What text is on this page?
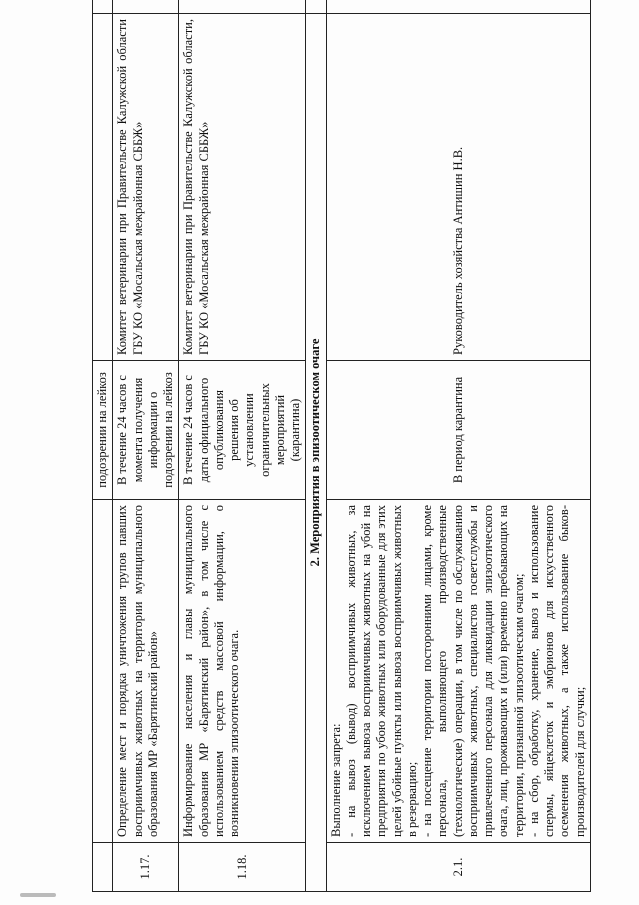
		подозрении на лейкоз		
1.17.	Определение мест и порядка уничтожения трупов павших восприимчивых животных на территории муниципального образования МР «Барятинский район»	В течение 24 часов с момента получения информации о подозрении на лейкоз	Комитет ветеринарии при Правительстве Калужской области ГБУ КО «Мосальская межрайонная СББЖ»	
1.18.	Информирование населения и главы муниципального образования МР «Барятинский район», в том числе с использованием средств массовой информации, о возникновении эпизоотического очага.	В течение 24 часов с даты официального опубликования решения об установлении ограничительных мероприятий (карантина)	Комитет ветеринарии при Правительстве Калужской области, ГБУ КО «Мосальская межрайонная СББЖ»	
2. Мероприятия в эпизоотическом очаге				
2.1.	Выполнение запрета: - на вывоз (вывод) восприимчивых животных, за исключением вывоза восприимчивых животных на убой на предприятия по убою животных или оборудованные для этих целей убойные пункты или вывоза восприимчивых животных в резервацию; - на посещение территории посторонними лицами, кроме персонала, выполняющего производственные (технологические) операции, в том числе по обслуживанию восприимчивых животных, специалистов госветслужбы и привлеченного персонала для ликвидации эпизоотического очага, лиц, проживающих и (или) временно пребывающих на территории, признанной эпизоотическим очагом; - на сбор, обработку, хранение, вывоз и использование спермы, яйцеклеток и эмбрионов для искусственного осеменения животных, а также использование быков-производителей для случки;	В период карантина	Руководитель хозяйства Антишин Н.В.	
